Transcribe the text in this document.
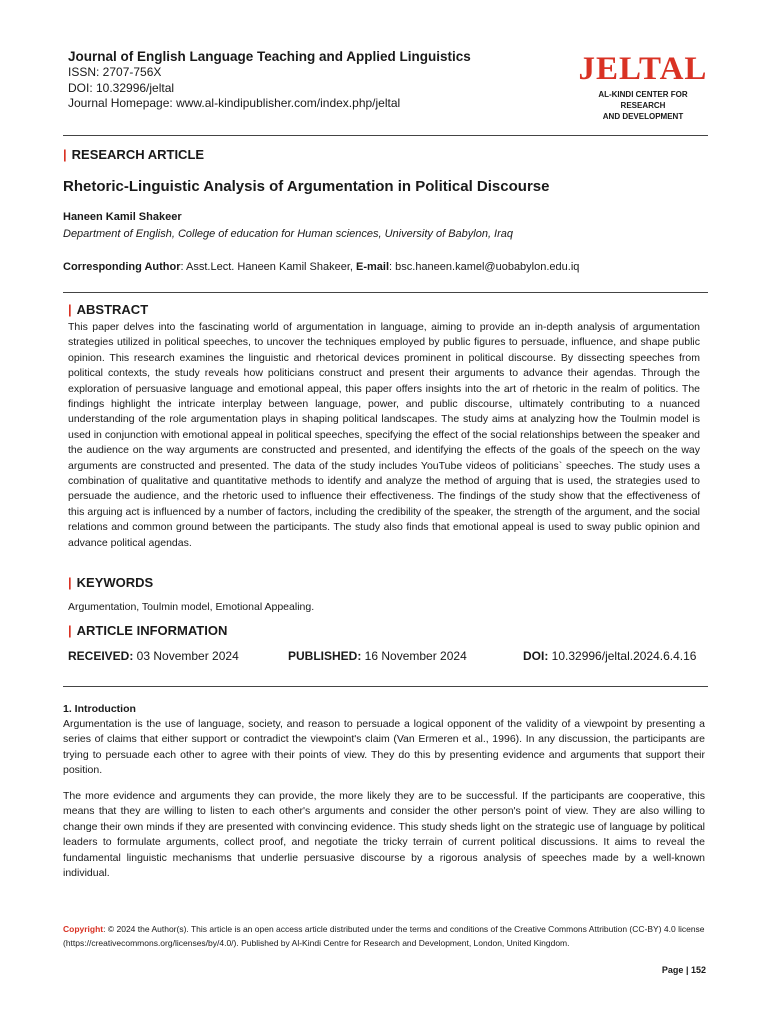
Journal of English Language Teaching and Applied Linguistics
ISSN: 2707-756X
DOI: 10.32996/jeltal
Journal Homepage: www.al-kindipublisher.com/index.php/jeltal
JELTAL
AL-KINDI CENTER FOR RESEARCH
AND DEVELOPMENT
| RESEARCH ARTICLE
Rhetoric-Linguistic Analysis of Argumentation in Political Discourse
Haneen Kamil Shakeer
Department of English, College of education for Human sciences, University of Babylon, Iraq
Corresponding Author: Asst.Lect. Haneen Kamil Shakeer, E-mail: bsc.haneen.kamel@uobabylon.edu.iq
| ABSTRACT
This paper delves into the fascinating world of argumentation in language, aiming to provide an in-depth analysis of argumentation strategies utilized in political speeches, to uncover the techniques employed by public figures to persuade, influence, and shape public opinion. This research examines the linguistic and rhetorical devices prominent in political discourse. By dissecting speeches from political contexts, the study reveals how politicians construct and present their arguments to advance their agendas. Through the exploration of persuasive language and emotional appeal, this paper offers insights into the art of rhetoric in the realm of politics. The findings highlight the intricate interplay between language, power, and public discourse, ultimately contributing to a nuanced understanding of the role argumentation plays in shaping political landscapes. The study aims at analyzing how the Toulmin model is used in conjunction with emotional appeal in political speeches, specifying the effect of the social relationships between the speaker and the audience on the way arguments are constructed and presented, and identifying the effects of the goals of the speech on the way arguments are constructed and presented. The data of the study includes YouTube videos of politicians` speeches. The study uses a combination of qualitative and quantitative methods to identify and analyze the method of arguing that is used, the strategies used to persuade the audience, and the rhetoric used to influence their effectiveness. The findings of the study show that the effectiveness of this arguing act is influenced by a number of factors, including the credibility of the speaker, the strength of the argument, and the social relations and common ground between the participants. The study also finds that emotional appeal is used to sway public opinion and advance political agendas.
| KEYWORDS
Argumentation, Toulmin model, Emotional Appealing.
| ARTICLE INFORMATION
RECEIVED: 03 November 2024	PUBLISHED: 16 November 2024	DOI: 10.32996/jeltal.2024.6.4.16
1. Introduction
Argumentation is the use of language, society, and reason to persuade a logical opponent of the validity of a viewpoint by presenting a series of claims that either support or contradict the viewpoint's claim (Van Ermeren et al., 1996). In any discussion, the participants are trying to persuade each other to agree with their points of view. They do this by presenting evidence and arguments that support their position.
The more evidence and arguments they can provide, the more likely they are to be successful. If the participants are cooperative, this means that they are willing to listen to each other's arguments and consider the other person's point of view. They are also willing to change their own minds if they are presented with convincing evidence. This study sheds light on the strategic use of language by political leaders to formulate arguments, collect proof, and negotiate the tricky terrain of current political discussions. It aims to reveal the fundamental linguistic mechanisms that underlie persuasive discourse by a rigorous analysis of speeches made by a well-known individual.
Copyright: © 2024 the Author(s). This article is an open access article distributed under the terms and conditions of the Creative Commons Attribution (CC-BY) 4.0 license (https://creativecommons.org/licenses/by/4.0/). Published by Al-Kindi Centre for Research and Development, London, United Kingdom.
Page | 152
